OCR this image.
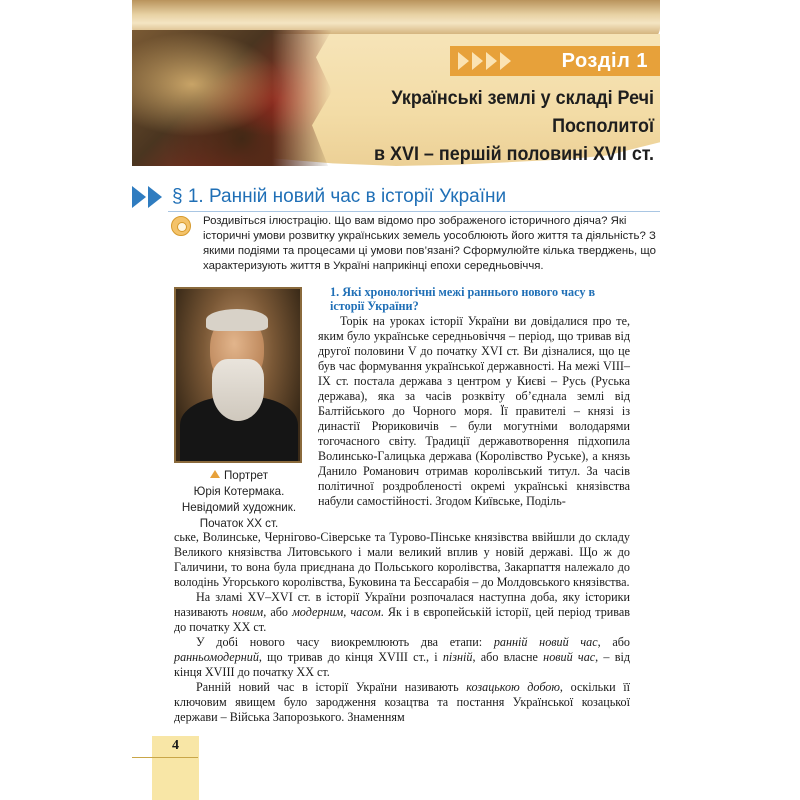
Розділ 1
Українські землі у складі Речі Посполитої
в XVI – першій половині XVII ст.
§ 1. Ранній новий час в історії України
Роздивіться ілюстрацію. Що вам відомо про зображеного історичного діяча? Які історичні умови розвитку українських земель уособлюють його життя та діяльність? З якими подіями та процесами ці умови пов’язані? Сформулюйте кілька тверджень, що характеризують життя в Україні наприкінці епохи середньовіччя.
Портрет
Юрія Котермака.
Невідомий художник.
Початок XX ст.
1. Які хронологічні межі раннього нового часу в історії України?

Торік на уроках історії України ви довідалися про те, яким було українське середньовіччя – період, що тривав від другої половини V до початку XVI ст. Ви дізналися, що це був час формування української державності. На межі VIII–IX ст. постала держава з центром у Києві – Русь (Руська держава), яка за часів розквіту об’єднала землі від Балтійського до Чорного моря. Її правителі – князі із династії Рюриковичів – були могутніми володарями тогочасного світу. Традиції державотворення підхопила Волинсько-Галицька держава (Королівство Руське), а князь Данило Романович отримав королівський титул. За часів політичної роздробленості окремі українські князівства набули самостійності. Згодом Київське, Поділь-

ське, Волинське, Чернігово-Сіверське та Турово-Пінське князівства ввійшли до складу Великого князівства Литовського і мали великий вплив у новій державі. Що ж до Галичини, то вона була приєднана до Польського королівства, Закарпаття належало до володінь Угорського королівства, Буковина та Бессарабія – до Молдовського князівства.

На зламі XV–XVI ст. в історії України розпочалася наступна доба, яку історики називають новим, або модерним, часом. Як і в європейській історії, цей період тривав до початку XX ст.

У добі нового часу виокремлюють два етапи: ранній новий час, або ранньомодерний, що тривав до кінця XVIII ст., і пізній, або власне новий час, – від кінця XVIII до початку XX ст.

Ранній новий час в історії України називають козацькою добою, оскільки її ключовим явищем було зародження козацтва та постання Української козацької держави – Війська Запорозького. Знаменням

4
